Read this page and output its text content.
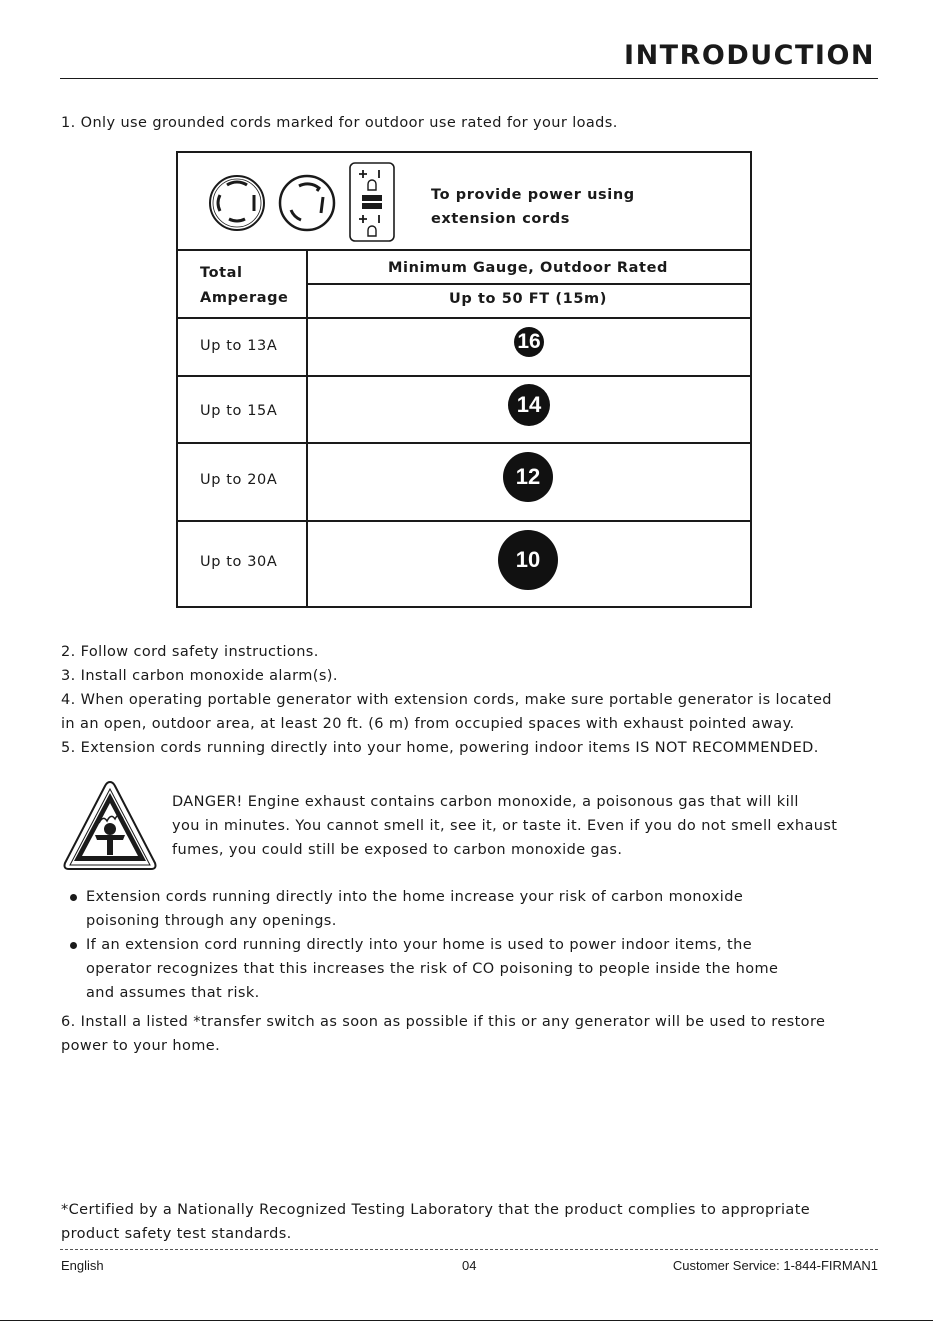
INTRODUCTION
1. Only use grounded cords marked for outdoor use rated for your loads.
To provide power using
extension cords
Total
Amperage
Minimum Gauge, Outdoor Rated
Up to 50 FT (15m)
Up to 13A	16
Up to 15A	14
Up to 20A	12
Up to 30A	10
2. Follow cord safety instructions.
3. Install carbon monoxide alarm(s).
4. When operating portable generator with extension cords, make sure portable generator is located
in an open, outdoor area, at least 20 ft. (6 m) from occupied spaces with exhaust pointed away.
5. Extension cords running directly into your home, powering indoor items IS NOT RECOMMENDED.
DANGER! Engine exhaust contains carbon monoxide, a poisonous gas that will kill
you in minutes. You cannot smell it, see it, or taste it. Even if you do not smell exhaust
fumes, you could still be exposed to carbon monoxide gas.
Extension cords running directly into the home increase your risk of carbon monoxide
poisoning through any openings.
If an extension cord running directly into your home is used to power indoor items, the
operator recognizes that this increases the risk of CO poisoning to people inside the home
and assumes that risk.
6. Install a listed *transfer switch as soon as possible if this or any generator will be used to restore
power to your home.
*Certified by a Nationally Recognized Testing Laboratory that the product complies to appropriate
product safety test standards.
English	04	Customer Service: 1-844-FIRMAN1
